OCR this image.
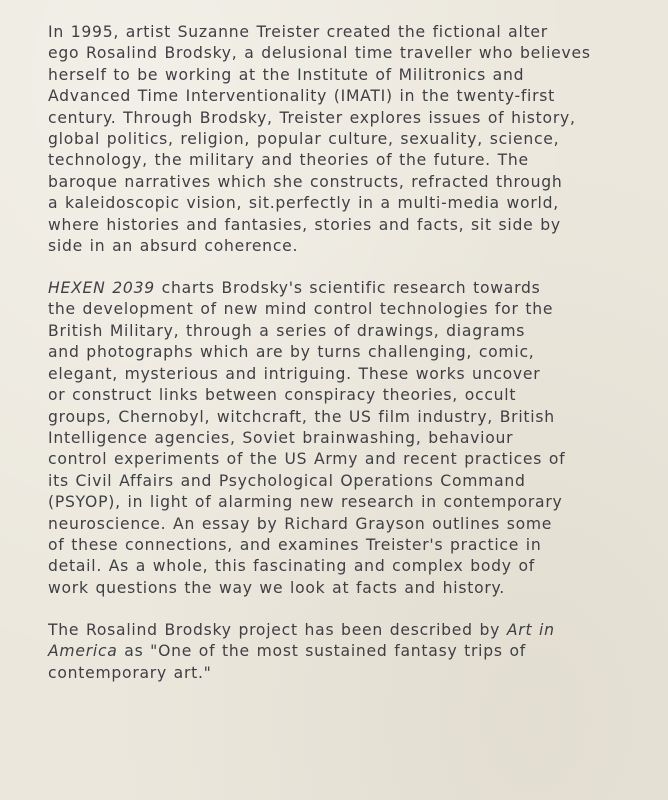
In 1995, artist Suzanne Treister created the fictional alter
ego Rosalind Brodsky, a delusional time traveller who believes
herself to be working at the Institute of Militronics and
Advanced Time Interventionality (IMATI) in the twenty-first
century. Through Brodsky, Treister explores issues of history,
global politics, religion, popular culture, sexuality, science,
technology, the military and theories of the future. The
baroque narratives which she constructs, refracted through
a kaleidoscopic vision, sit.perfectly in a multi-media world,
where histories and fantasies, stories and facts, sit side by
side in an absurd coherence.

HEXEN 2039 charts Brodsky's scientific research towards
the development of new mind control technologies for the
British Military, through a series of drawings, diagrams
and photographs which are by turns challenging, comic,
elegant, mysterious and intriguing. These works uncover
or construct links between conspiracy theories, occult
groups, Chernobyl, witchcraft, the US film industry, British
Intelligence agencies, Soviet brainwashing, behaviour
control experiments of the US Army and recent practices of
its Civil Affairs and Psychological Operations Command
(PSYOP), in light of alarming new research in contemporary
neuroscience. An essay by Richard Grayson outlines some
of these connections, and examines Treister's practice in
detail. As a whole, this fascinating and complex body of
work questions the way we look at facts and history.

The Rosalind Brodsky project has been described by Art in
America as "One of the most sustained fantasy trips of
contemporary art."
